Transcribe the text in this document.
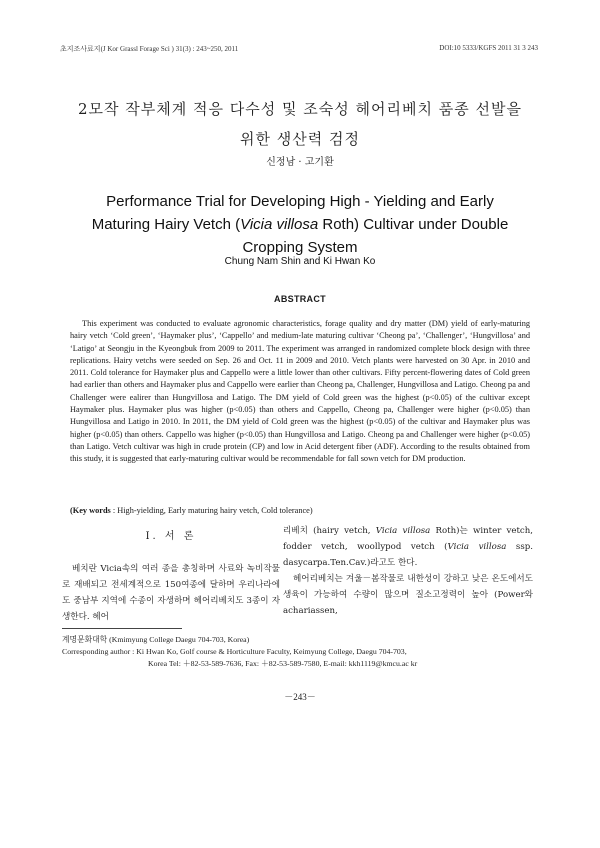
초지조사료지(J Kor Grassl Forage Sci ) 31(3) : 243~250, 2011	DOI:10 5333/KGFS 2011 31 3 243
2모작 작부체계 적응 다수성 및 조숙성 헤어리베치 품종 선발을
위한 생산력 검정
신정남 · 고기환
Performance Trial for Developing High - Yielding and Early
Maturing Hairy Vetch (Vicia villosa Roth) Cultivar under Double
Cropping System
Chung Nam Shin and Ki Hwan Ko
ABSTRACT
This experiment was conducted to evaluate agronomic characteristics, forage quality and dry matter (DM) yield of early-maturing hairy vetch ‘Cold green’, ‘Haymaker plus’, ‘Cappello’ and medium-late maturing cultivar ‘Cheong pa’, ‘Challenger’, ‘Hungvillosa’ and ‘Latigo’ at Seongju in the Kyeongbuk from 2009 to 2011. The experiment was arranged in randomized complete block design with three replications. Hairy vetchs were seeded on Sep. 26 and Oct. 11 in 2009 and 2010. Vetch plants were harvested on 30 Apr. in 2010 and 2011. Cold tolerance for Haymaker plus and Cappello were a little lower than other cultivars. Fifty percent-flowering dates of Cold green had earlier than others and Haymaker plus and Cappello were earlier than Cheong pa, Challenger, Hungvillosa and Latigo. Cheong pa and Challenger were ealirer than Hungvillosa and Latigo. The DM yield of Cold green was the highest (p<0.05) of the cultivar except Haymaker plus. Haymaker plus was higher (p<0.05) than others and Cappello, Cheong pa, Challenger were higher (p<0.05) than Hungvillosa and Latigo in 2010. In 2011, the DM yield of Cold green was the highest (p<0.05) of the cultivar and Haymaker plus was higher (p<0.05) than others. Cappello was higher (p<0.05) than Hungvillosa and Latigo. Cheong pa and Challenger were higher (p<0.05) than Latigo. Vetch cultivar was high in crude protein (CP) and low in Acid detergent fiber (ADF). According to the results obtained from this study, it is suggested that early-maturing cultivar would be recommendable for fall sown vetch for DM production.
(Key words : High-yielding, Early maturing hairy vetch, Cold tolerance)
Ⅰ. 서 론
베치란 Vicia속의 여러 종을 총칭하며 사료와 녹비작물로 재배되고 전세계적으로 150여종에 달하며 우리나라에도 중남부 지역에 수종이 자생하며 헤어리베치도 3종이 자생한다. 헤어
리베치 (hairy vetch, Vicia villosa Roth)는 winter vetch, fodder vetch, woollypod vetch (Vicia villosa ssp. dasycarpa.Ten.Cav.)라고도 한다.
헤어리베치는 겨울－봄작물로 내한성이 강하고 낮은 온도에서도 생육이 가능하여 수량이 많으며 질소고정력이 높아 (Power와 achariassen,
계명문화대학 (Kmimyung College Daegu 704-703, Korea)
Corresponding author : Ki Hwan Ko, Golf course & Horticulture Faculty, Keimyung College, Daegu 704-703,
Korea Tel: ＋82-53-589-7636, Fax: ＋82-53-589-7580, E-mail: kkh1119@kmcu.ac kr
－243－
